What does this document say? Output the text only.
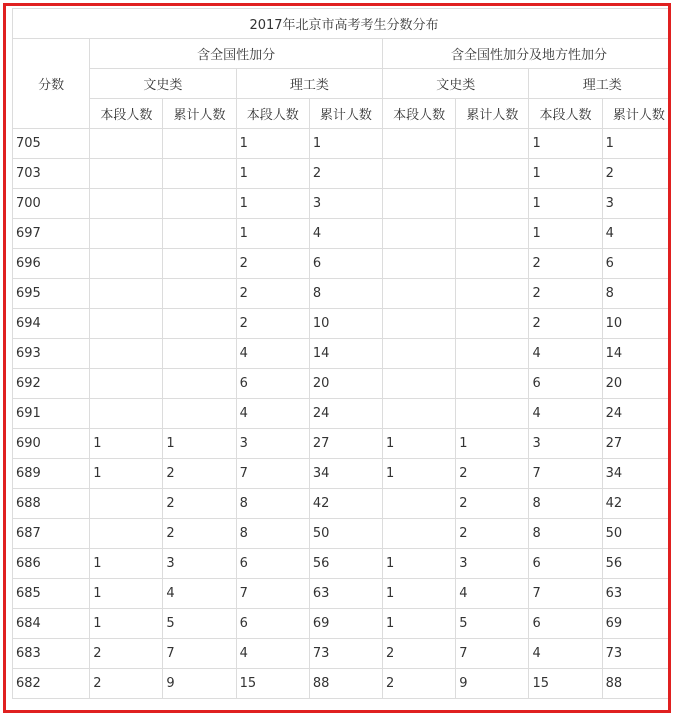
2017年北京市高考考生分数分布								
分数	含全国性加分				含全国性加分及地方性加分			
	文史类		理工类		文史类		理工类	
	本段人数	累计人数	本段人数	累计人数	本段人数	累计人数	本段人数	累计人数
705			1	1			1	1
703			1	2			1	2
700			1	3			1	3
697			1	4			1	4
696			2	6			2	6
695			2	8			2	8
694			2	10			2	10
693			4	14			4	14
692			6	20			6	20
691			4	24			4	24
690	1	1	3	27	1	1	3	27
689	1	2	7	34	1	2	7	34
688		2	8	42		2	8	42
687		2	8	50		2	8	50
686	1	3	6	56	1	3	6	56
685	1	4	7	63	1	4	7	63
684	1	5	6	69	1	5	6	69
683	2	7	4	73	2	7	4	73
682	2	9	15	88	2	9	15	88
